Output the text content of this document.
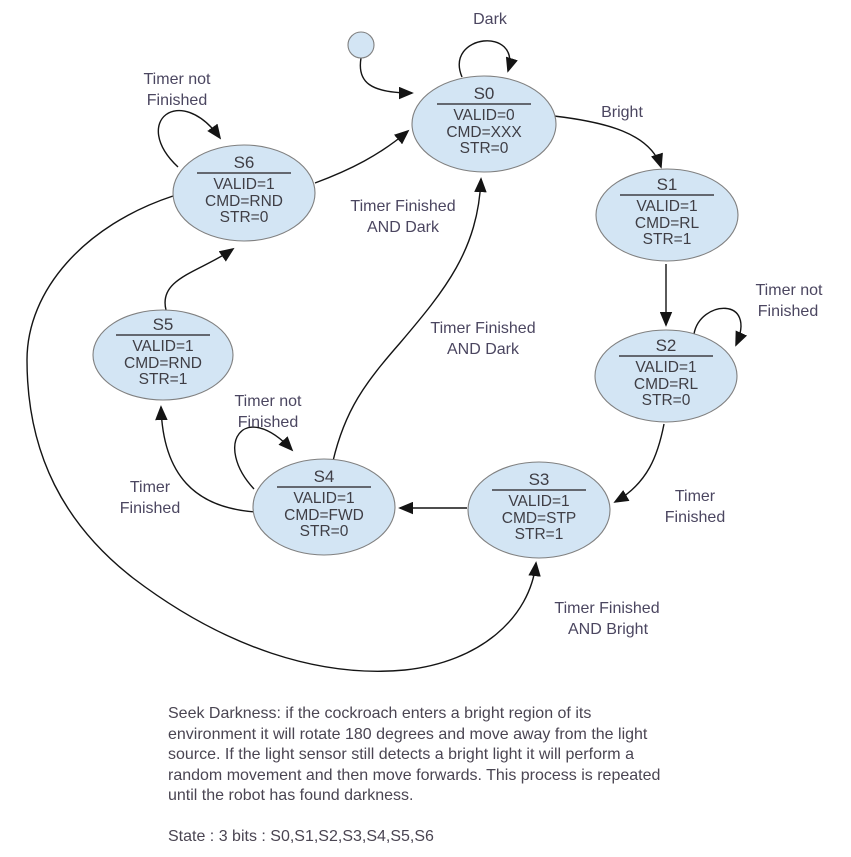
S0
VALID=0
CMD=XXX
STR=0
S1
VALID=1
CMD=RL
STR=1
S2
VALID=1
CMD=RL
STR=0
S3
VALID=1
CMD=STP
STR=1
S4
VALID=1
CMD=FWD
STR=0
S5
VALID=1
CMD=RND
STR=1
S6
VALID=1
CMD=RND
STR=0
Dark
Bright
Timer not
Finished
Timer Finished
AND Dark
Timer not
Finished
Timer Finished
AND Dark
Timer not
Finished
Timer
Finished
Timer
Finished
Timer Finished
AND Bright
Seek Darkness: if the cockroach enters a bright region of its environment it will rotate 180 degrees and move away from the light source. If the light sensor still detects a bright light it will perform a random movement and then move forwards. This process is repeated until the robot has found darkness.
State : 3 bits : S0,S1,S2,S3,S4,S5,S6
